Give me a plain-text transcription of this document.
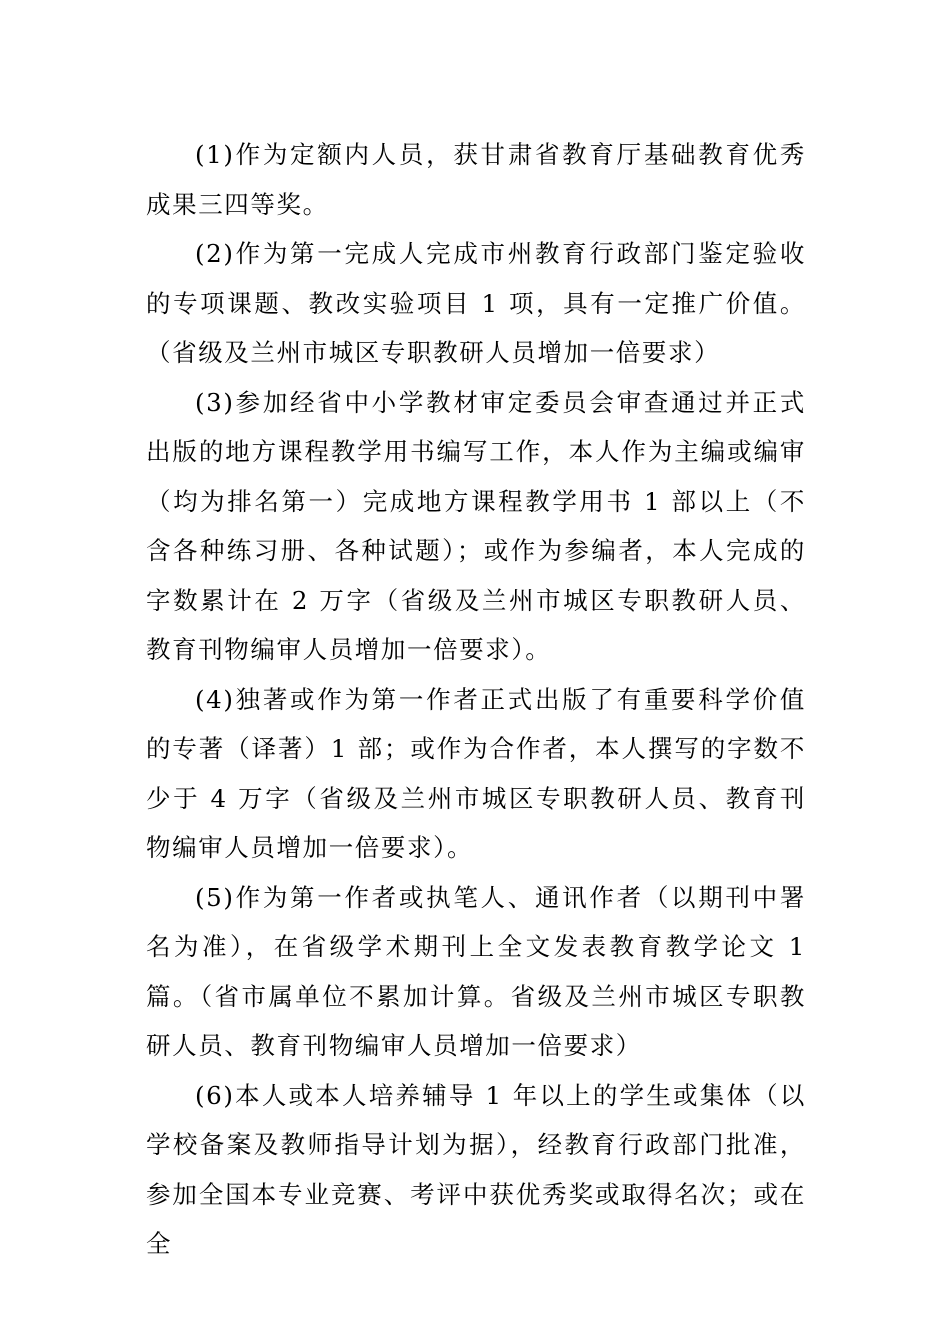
(1)作为定额内人员，获甘肃省教育厅基础教育优秀成果三四等奖。

(2)作为第一完成人完成市州教育行政部门鉴定验收的专项课题、教改实验项目 1 项，具有一定推广价值。（省级及兰州市城区专职教研人员增加一倍要求）

(3)参加经省中小学教材审定委员会审查通过并正式出版的地方课程教学用书编写工作，本人作为主编或编审（均为排名第一）完成地方课程教学用书 1 部以上（不含各种练习册、各种试题）；或作为参编者，本人完成的字数累计在 2 万字（省级及兰州市城区专职教研人员、教育刊物编审人员增加一倍要求）。

(4)独著或作为第一作者正式出版了有重要科学价值的专著（译著）1 部；或作为合作者，本人撰写的字数不少于 4 万字（省级及兰州市城区专职教研人员、教育刊物编审人员增加一倍要求）。

(5)作为第一作者或执笔人、通讯作者（以期刊中署名为准），在省级学术期刊上全文发表教育教学论文 1 篇。（省市属单位不累加计算。省级及兰州市城区专职教研人员、教育刊物编审人员增加一倍要求）

(6)本人或本人培养辅导 1 年以上的学生或集体（以学校备案及教师指导计划为据），经教育行政部门批准，参加全国本专业竞赛、考评中获优秀奖或取得名次；或在全
